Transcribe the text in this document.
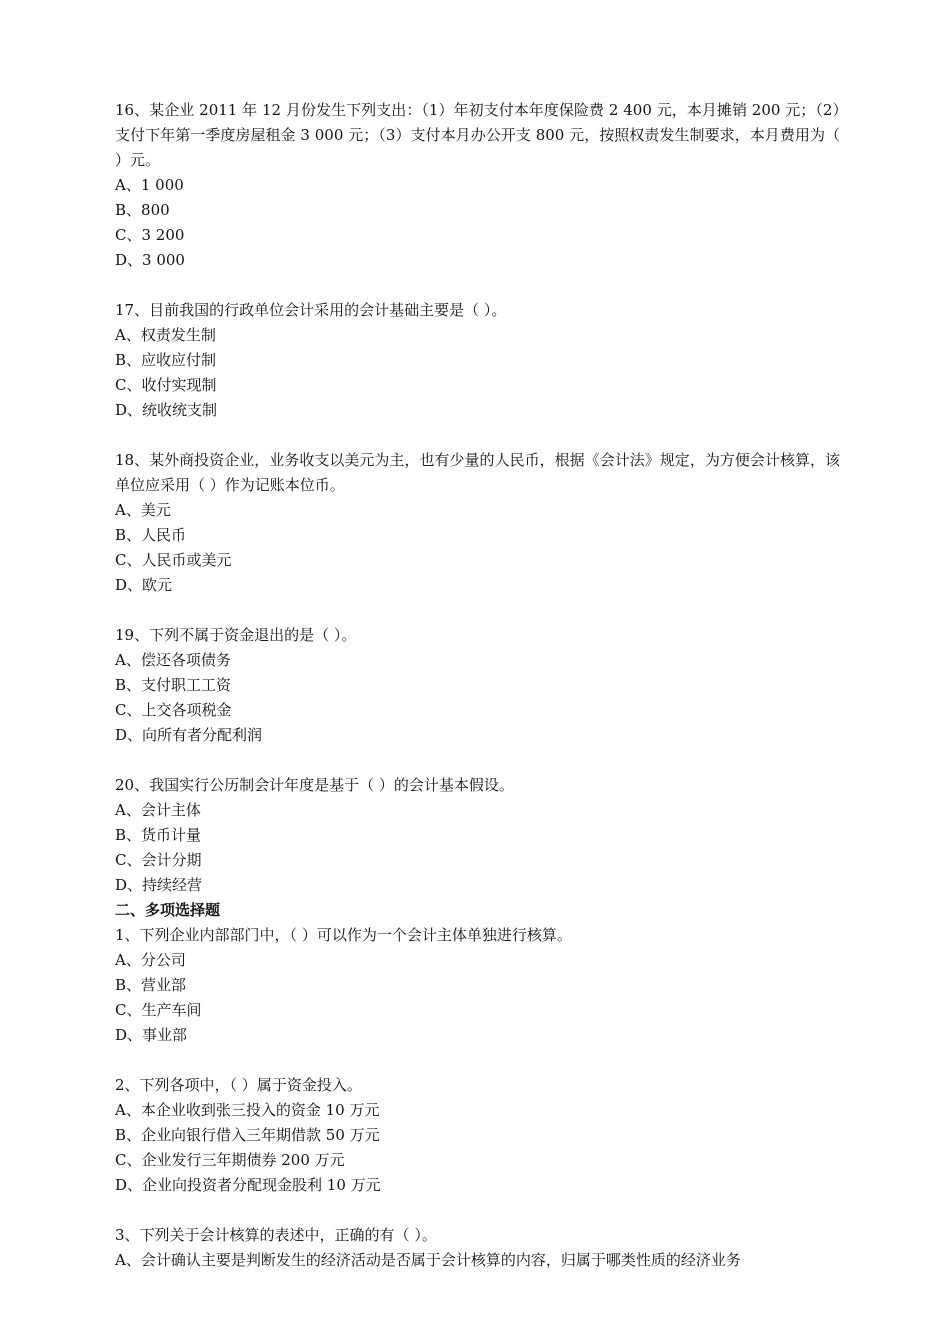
16、某企业 2011 年 12 月份发生下列支出：（1）年初支付本年度保险费 2 400 元，本月摊销 200 元；（2）支付下年第一季度房屋租金 3 000 元；（3）支付本月办公开支 800 元，按照权责发生制要求，本月费用为（ ）元。

A、1 000

B、800

C、3 200

D、3 000

17、目前我国的行政单位会计采用的会计基础主要是（ ）。

A、权责发生制

B、应收应付制

C、收付实现制

D、统收统支制

18、某外商投资企业，业务收支以美元为主，也有少量的人民币，根据《会计法》规定，为方便会计核算，该单位应采用（ ）作为记账本位币。

A、美元

B、人民币

C、人民币或美元

D、欧元

19、下列不属于资金退出的是（ ）。

A、偿还各项债务

B、支付职工工资

C、上交各项税金

D、向所有者分配利润

20、我国实行公历制会计年度是基于（ ）的会计基本假设。

A、会计主体

B、货币计量

C、会计分期

D、持续经营

二、多项选择题

1、下列企业内部部门中，（ ）可以作为一个会计主体单独进行核算。

A、分公司

B、营业部

C、生产车间

D、事业部

2、下列各项中，（ ）属于资金投入。

A、本企业收到张三投入的资金 10 万元

B、企业向银行借入三年期借款 50 万元

C、企业发行三年期债券 200 万元

D、企业向投资者分配现金股利 10 万元

3、下列关于会计核算的表述中，正确的有（ ）。

A、会计确认主要是判断发生的经济活动是否属于会计核算的内容，归属于哪类性质的经济业务
